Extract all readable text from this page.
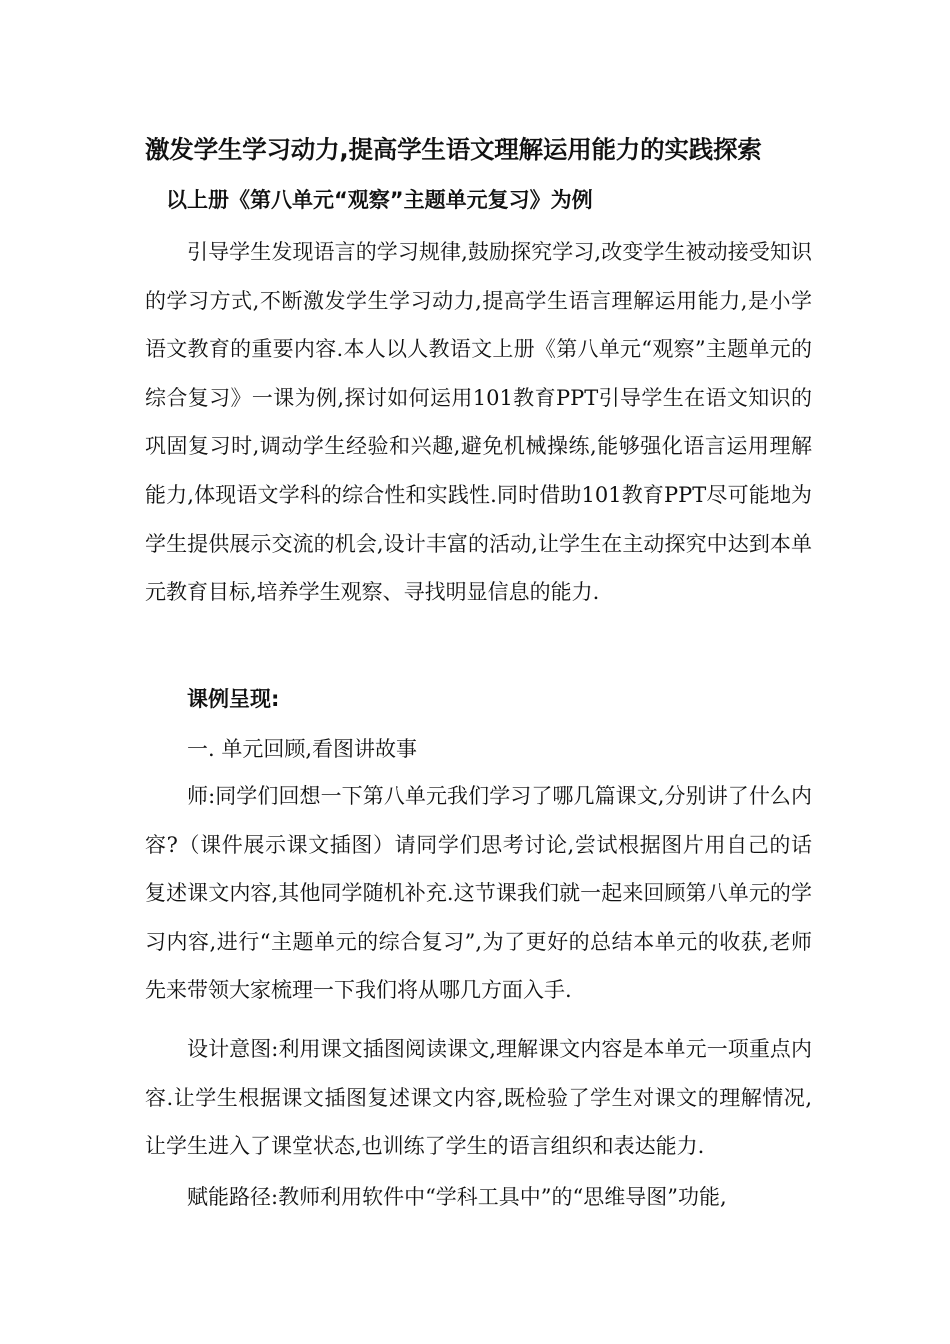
激发学生学习动力,提高学生语文理解运用能力的实践探索
以上册《第八单元“观察”主题单元复习》为例

引导学生发现语言的学习规律,鼓励探究学习,改变学生被动接受知识的学习方式,不断激发学生学习动力,提高学生语言理解运用能力,是小学语文教育的重要内容.本人以人教语文上册《第八单元“观察”主题单元的综合复习》一课为例,探讨如何运用101教育PPT引导学生在语文知识的巩固复习时,调动学生经验和兴趣,避免机械操练,能够强化语言运用理解能力,体现语文学科的综合性和实践性.同时借助101教育PPT尽可能地为学生提供展示交流的机会,设计丰富的活动,让学生在主动探究中达到本单元教育目标,培养学生观察、寻找明显信息的能力.

课例呈现:

一. 单元回顾,看图讲故事

师:同学们回想一下第八单元我们学习了哪几篇课文,分别讲了什么内容?（课件展示课文插图）请同学们思考讨论,尝试根据图片用自己的话复述课文内容,其他同学随机补充.这节课我们就一起来回顾第八单元的学习内容,进行“主题单元的综合复习”,为了更好的总结本单元的收获,老师先来带领大家梳理一下我们将从哪几方面入手.

设计意图:利用课文插图阅读课文,理解课文内容是本单元一项重点内容.让学生根据课文插图复述课文内容,既检验了学生对课文的理解情况,让学生进入了课堂状态,也训练了学生的语言组织和表达能力.

赋能路径:教师利用软件中“学科工具中”的“思维导图”功能,
